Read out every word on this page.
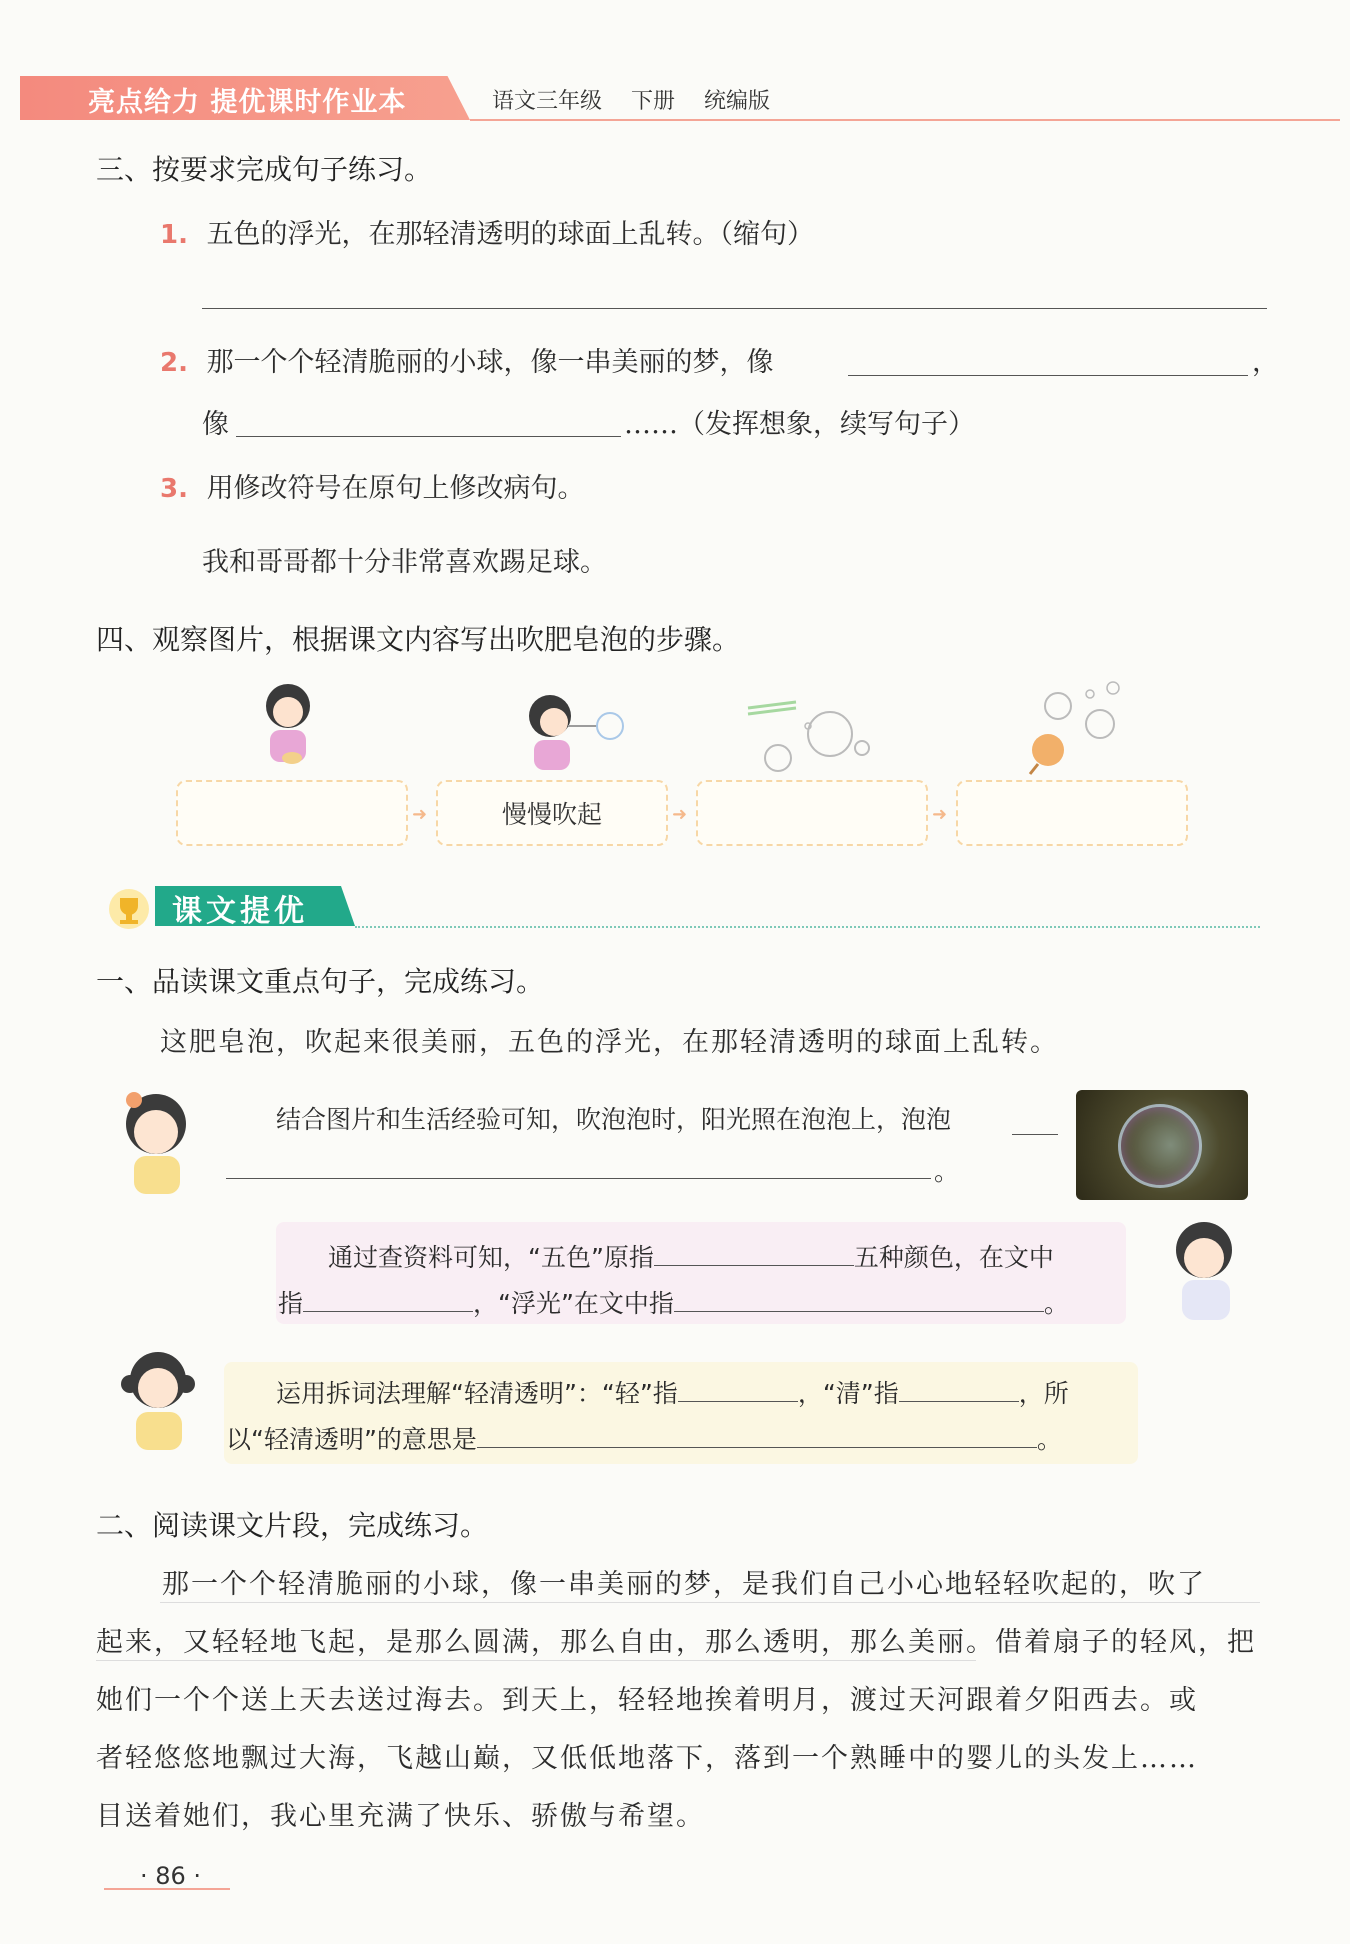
亮点给力 提优课时作业本	语文三年级 下册 统编版
三、按要求完成句子练习。
1. 五色的浮光，在那轻清透明的球面上乱转。（缩句）
2. 那一个个轻清脆丽的小球，像一串美丽的梦，像	，
像	……（发挥想象，续写句子）
3. 用修改符号在原句上修改病句。
我和哥哥都十分非常喜欢踢足球。
四、观察图片，根据课文内容写出吹肥皂泡的步骤。
➜	慢慢吹起	➜	➜
课文提优
一、品读课文重点句子，完成练习。
这肥皂泡，吹起来很美丽，五色的浮光，在那轻清透明的球面上乱转。
结合图片和生活经验可知，吹泡泡时，阳光照在泡泡上，泡泡
。
通过查资料可知，“五色”原指	五种颜色，在文中
指	，“浮光”在文中指	。
运用拆词法理解“轻清透明”：“轻”指	，“清”指	，所
以“轻清透明”的意思是	。
二、阅读课文片段，完成练习。
那一个个轻清脆丽的小球，像一串美丽的梦，是我们自己小心地轻轻吹起的，吹了
起来，又轻轻地飞起，是那么圆满，那么自由，那么透明，那么美丽。借着扇子的轻风，把
她们一个个送上天去送过海去。到天上，轻轻地挨着明月，渡过天河跟着夕阳西去。或
者轻悠悠地飘过大海，飞越山巅，又低低地落下，落到一个熟睡中的婴儿的头发上……
目送着她们，我心里充满了快乐、骄傲与希望。
· 86 ·
